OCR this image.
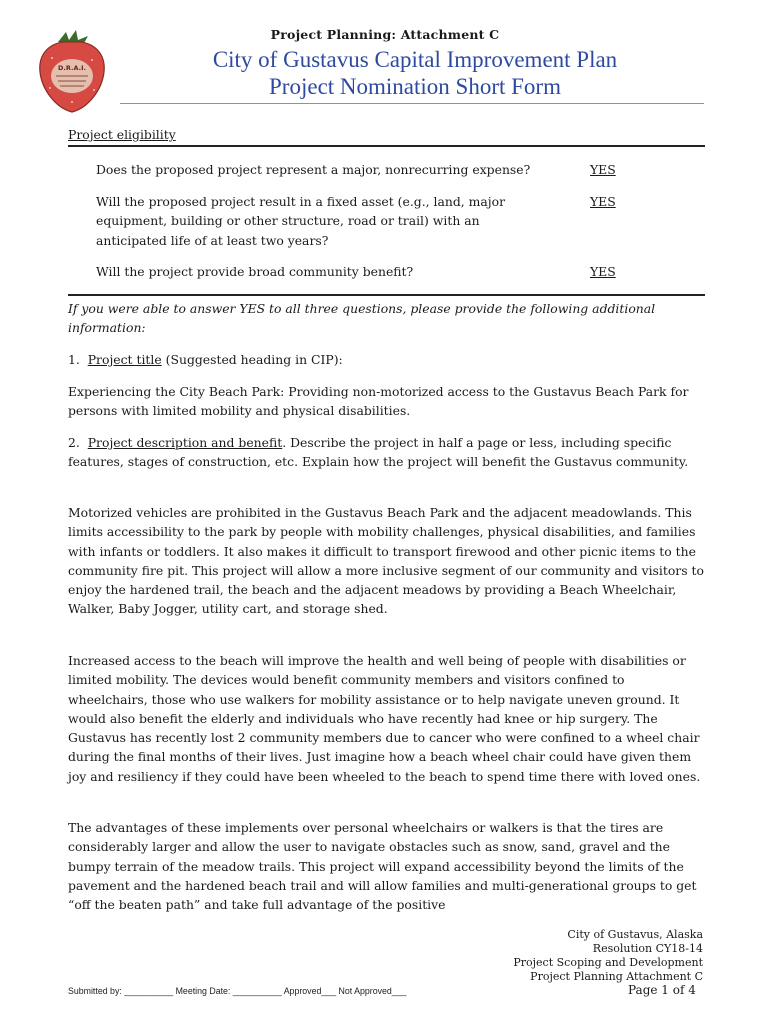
D.R.A.I.
Project Planning: Attachment C
City of Gustavus Capital Improvement Plan
Project Nomination Short Form

Project eligibility

Does the proposed project represent a major, nonrecurring expense?	YES

Will the proposed project result in a fixed asset (e.g., land, major equipment, building or other structure, road or trail) with an anticipated life of at least two years?

YES

Will the project provide broad community benefit?	YES

If you were able to answer YES to all three questions, please provide the following additional information:

1. Project title (Suggested heading in CIP):

Experiencing the City Beach Park: Providing non-motorized access to the Gustavus Beach Park for persons with limited mobility and physical disabilities.

2. Project description and benefit. Describe the project in half a page or less, including specific features, stages of construction, etc. Explain how the project will benefit the Gustavus community.

Motorized vehicles are prohibited in the Gustavus Beach Park and the adjacent meadowlands. This limits accessibility to the park by people with mobility challenges, physical disabilities, and families with infants or toddlers. It also makes it difficult to transport firewood and other picnic items to the community fire pit. This project will allow a more inclusive segment of our community and visitors to enjoy the hardened trail, the beach and the adjacent meadows by providing a Beach Wheelchair, Walker, Baby Jogger, utility cart, and storage shed.

Increased access to the beach will improve the health and well being of people with disabilities or limited mobility. The devices would benefit community members and visitors confined to wheelchairs, those who use walkers for mobility assistance or to help navigate uneven ground. It would also benefit the elderly and individuals who have recently had knee or hip surgery. The Gustavus has recently lost 2 community members due to cancer who were confined to a wheel chair during the final months of their lives. Just imagine how a beach wheel chair could have given them joy and resiliency if they could have been wheeled to the beach to spend time there with loved ones.

The advantages of these implements over personal wheelchairs or walkers is that the tires are considerably larger and allow the user to navigate obstacles such as snow, sand, gravel and the bumpy terrain of the meadow trails. This project will expand accessibility beyond the limits of the pavement and the hardened beach trail and will allow families and multi-generational groups to get “off the beaten path” and take full advantage of the positive

City of Gustavus, Alaska
Resolution CY18-14
Project Scoping and Development
Project Planning Attachment C
Page 1 of 4
Submitted by: __________ Meeting Date: __________ Approved___ Not Approved___
